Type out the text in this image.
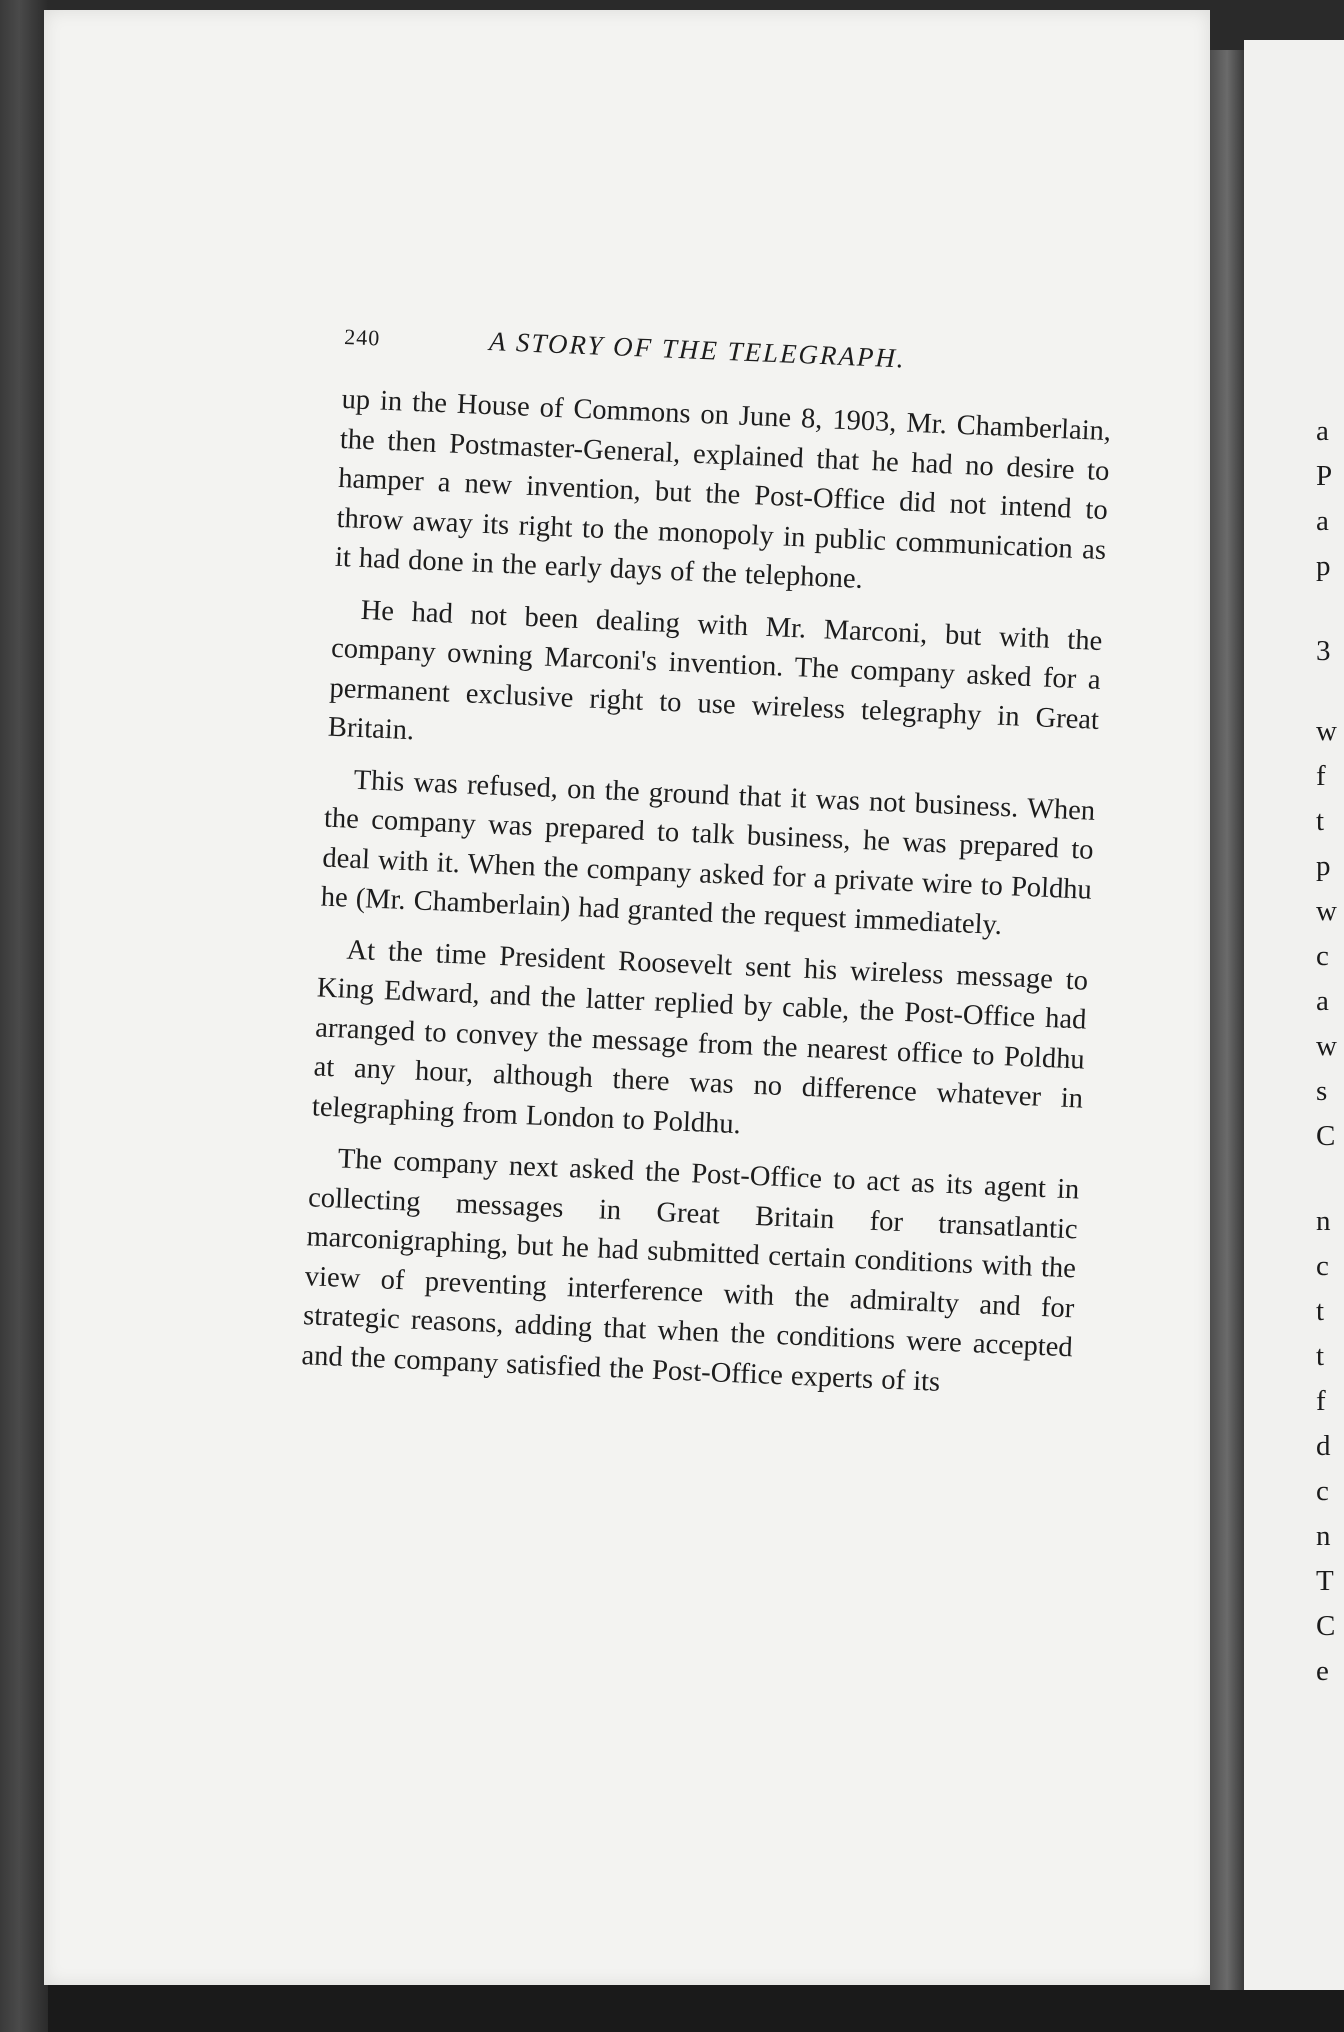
240	A STORY OF THE TELEGRAPH.

up in the House of Commons on June 8, 1903, Mr. Chamberlain, the then Postmaster-General, explained that he had no desire to hamper a new invention, but the Post-Office did not intend to throw away its right to the monopoly in public communication as it had done in the early days of the telephone.

He had not been dealing with Mr. Marconi, but with the company owning Marconi's invention. The company asked for a permanent exclusive right to use wireless telegraphy in Great Britain.

This was refused, on the ground that it was not business. When the company was prepared to talk business, he was prepared to deal with it. When the company asked for a private wire to Poldhu he (Mr. Chamberlain) had granted the request immediately.

At the time President Roosevelt sent his wireless message to King Edward, and the latter replied by cable, the Post-Office had arranged to convey the message from the nearest office to Poldhu at any hour, although there was no difference whatever in telegraphing from London to Poldhu.

The company next asked the Post-Office to act as its agent in collecting messages in Great Britain for transatlantic marconigraphing, but he had submitted certain conditions with the view of preventing interference with the admiralty and for strategic reasons, adding that when the conditions were accepted and the company satisfied the Post-Office experts of its

a
P
a
p
3
w
f
t
p
w
c
a
w
s
C
n
c
t
t
f
d
c
n
T
C
e
